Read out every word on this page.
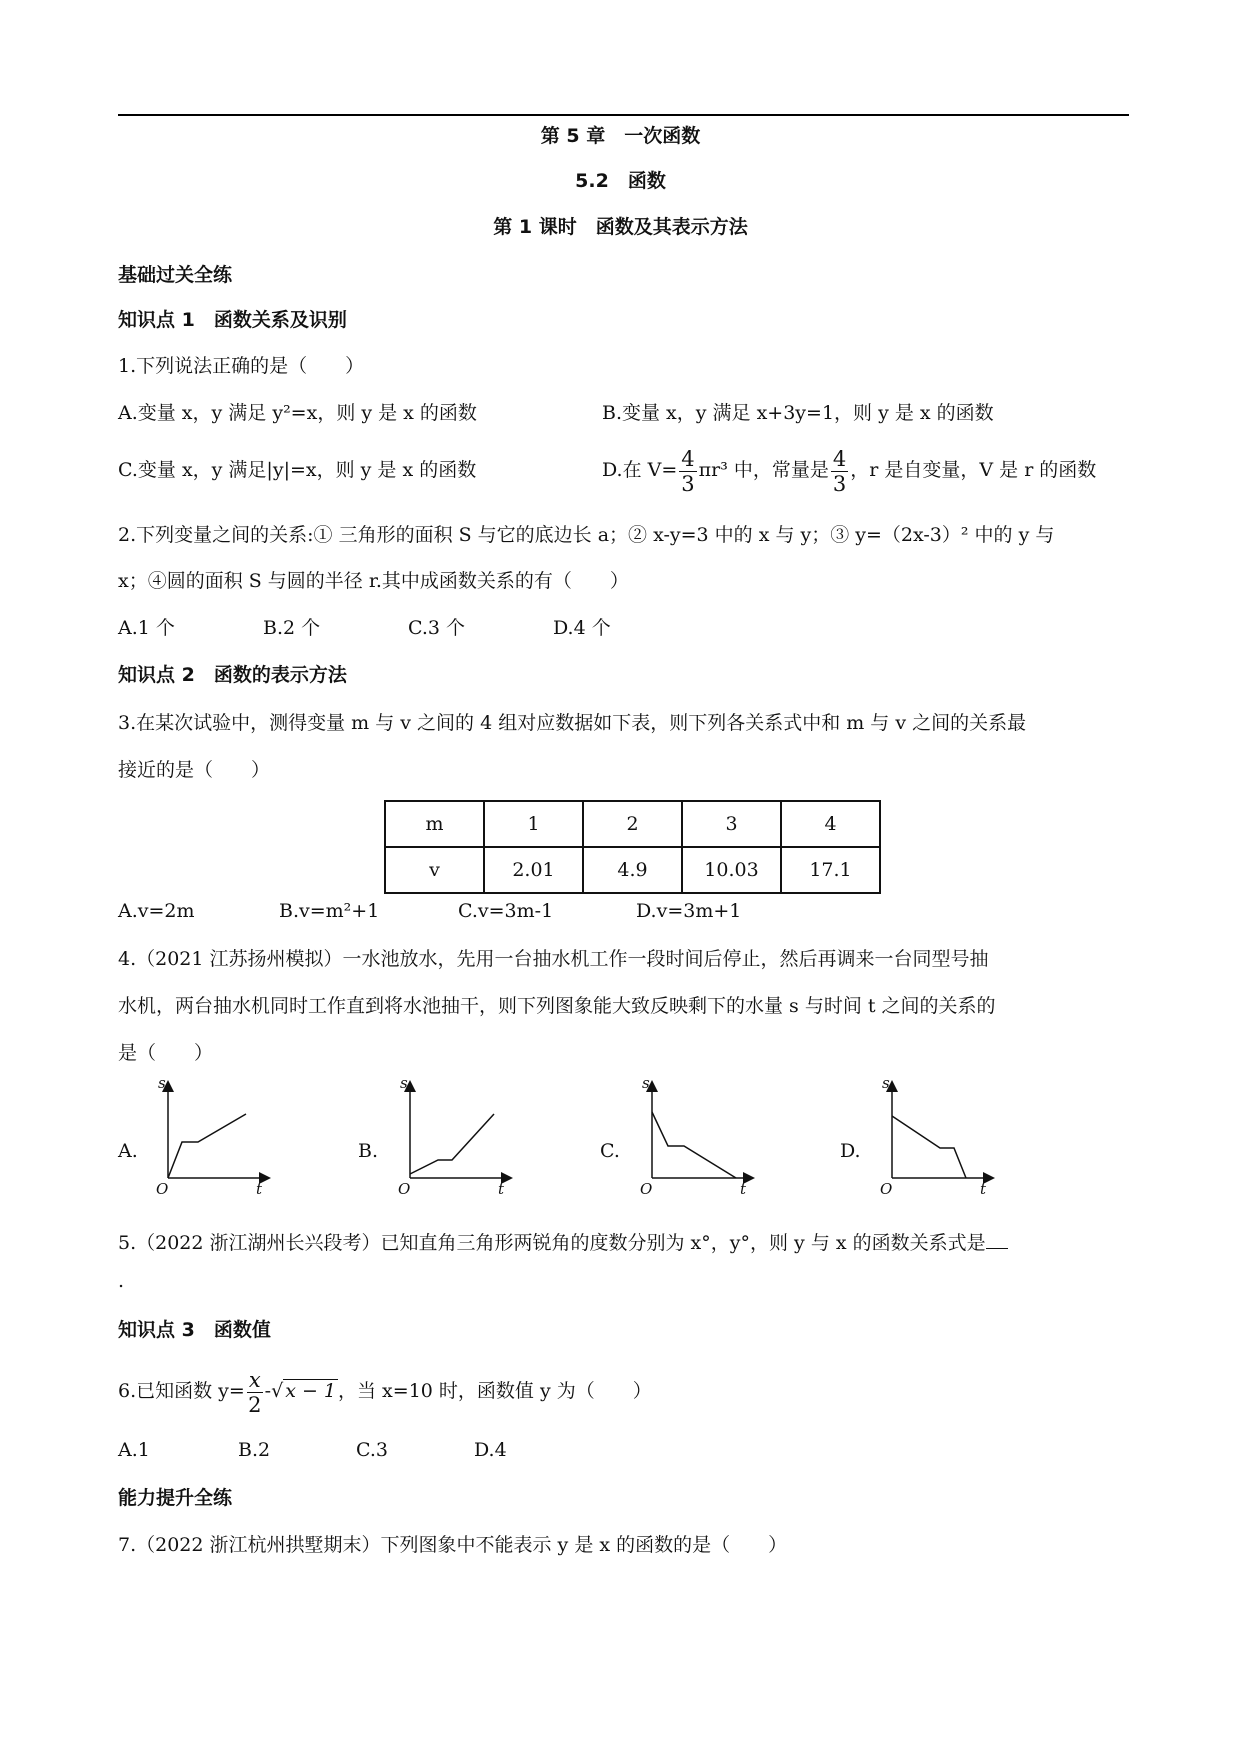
第 5 章　一次函数
5.2　函数
第 1 课时　函数及其表示方法
基础过关全练
知识点 1　函数关系及识别
1.下列说法正确的是（　　）
A.变量 x，y 满足 y²=x，则 y 是 x 的函数	B.变量 x，y 满足 x+3y=1，则 y 是 x 的函数
C.变量 x，y 满足|y|=x，则 y 是 x 的函数	D.在 $V= \frac{4}{3} \pi r^3$ 中，常量是 $\frac{4}{3}$ ，r 是自变量，V 是 r 的函数
2.下列变量之间的关系:① 三角形的面积 S 与它的底边长 a；② x-y=3 中的 x 与 y；③ y=（2x-3）² 中的 y 与
x；④圆的面积 S 与圆的半径 r.其中成函数关系的有（　　）
A.1 个	B.2 个	C.3 个	D.4 个
知识点 2　函数的表示方法
3.在某次试验中，测得变量 m 与 v 之间的 4 组对应数据如下表，则下列各关系式中和 m 与 v 之间的关系最
接近的是（　　）
m	1	2	3	4
v	2.01	4.9	10.03	17.1
A.v=2m	B.v=m²+1	C.v=3m-1	D.v=3m+1
4.（2021 江苏扬州模拟）一水池放水，先用一台抽水机工作一段时间后停止，然后再调来一台同型号抽
水机，两台抽水机同时工作直到将水池抽干，则下列图象能大致反映剩下的水量 s 与时间 t 之间的关系的
是（　　）
A.
s
t
O
B.
s
t
O
C.
s
t
O
D.
s
t
O
5.（2022 浙江湖州长兴段考）已知直角三角形两锐角的度数分别为 x°，y°，则 y 与 x 的函数关系式是
.
知识点 3　函数值
6.已知函数 $y= \frac{x}{2}$ -√ x − 1 ，当 x=10 时，函数值 y 为（　　）
A.1	B.2	C.3	D.4
能力提升全练
7.（2022 浙江杭州拱墅期末）下列图象中不能表示 y 是 x 的函数的是（　　）
